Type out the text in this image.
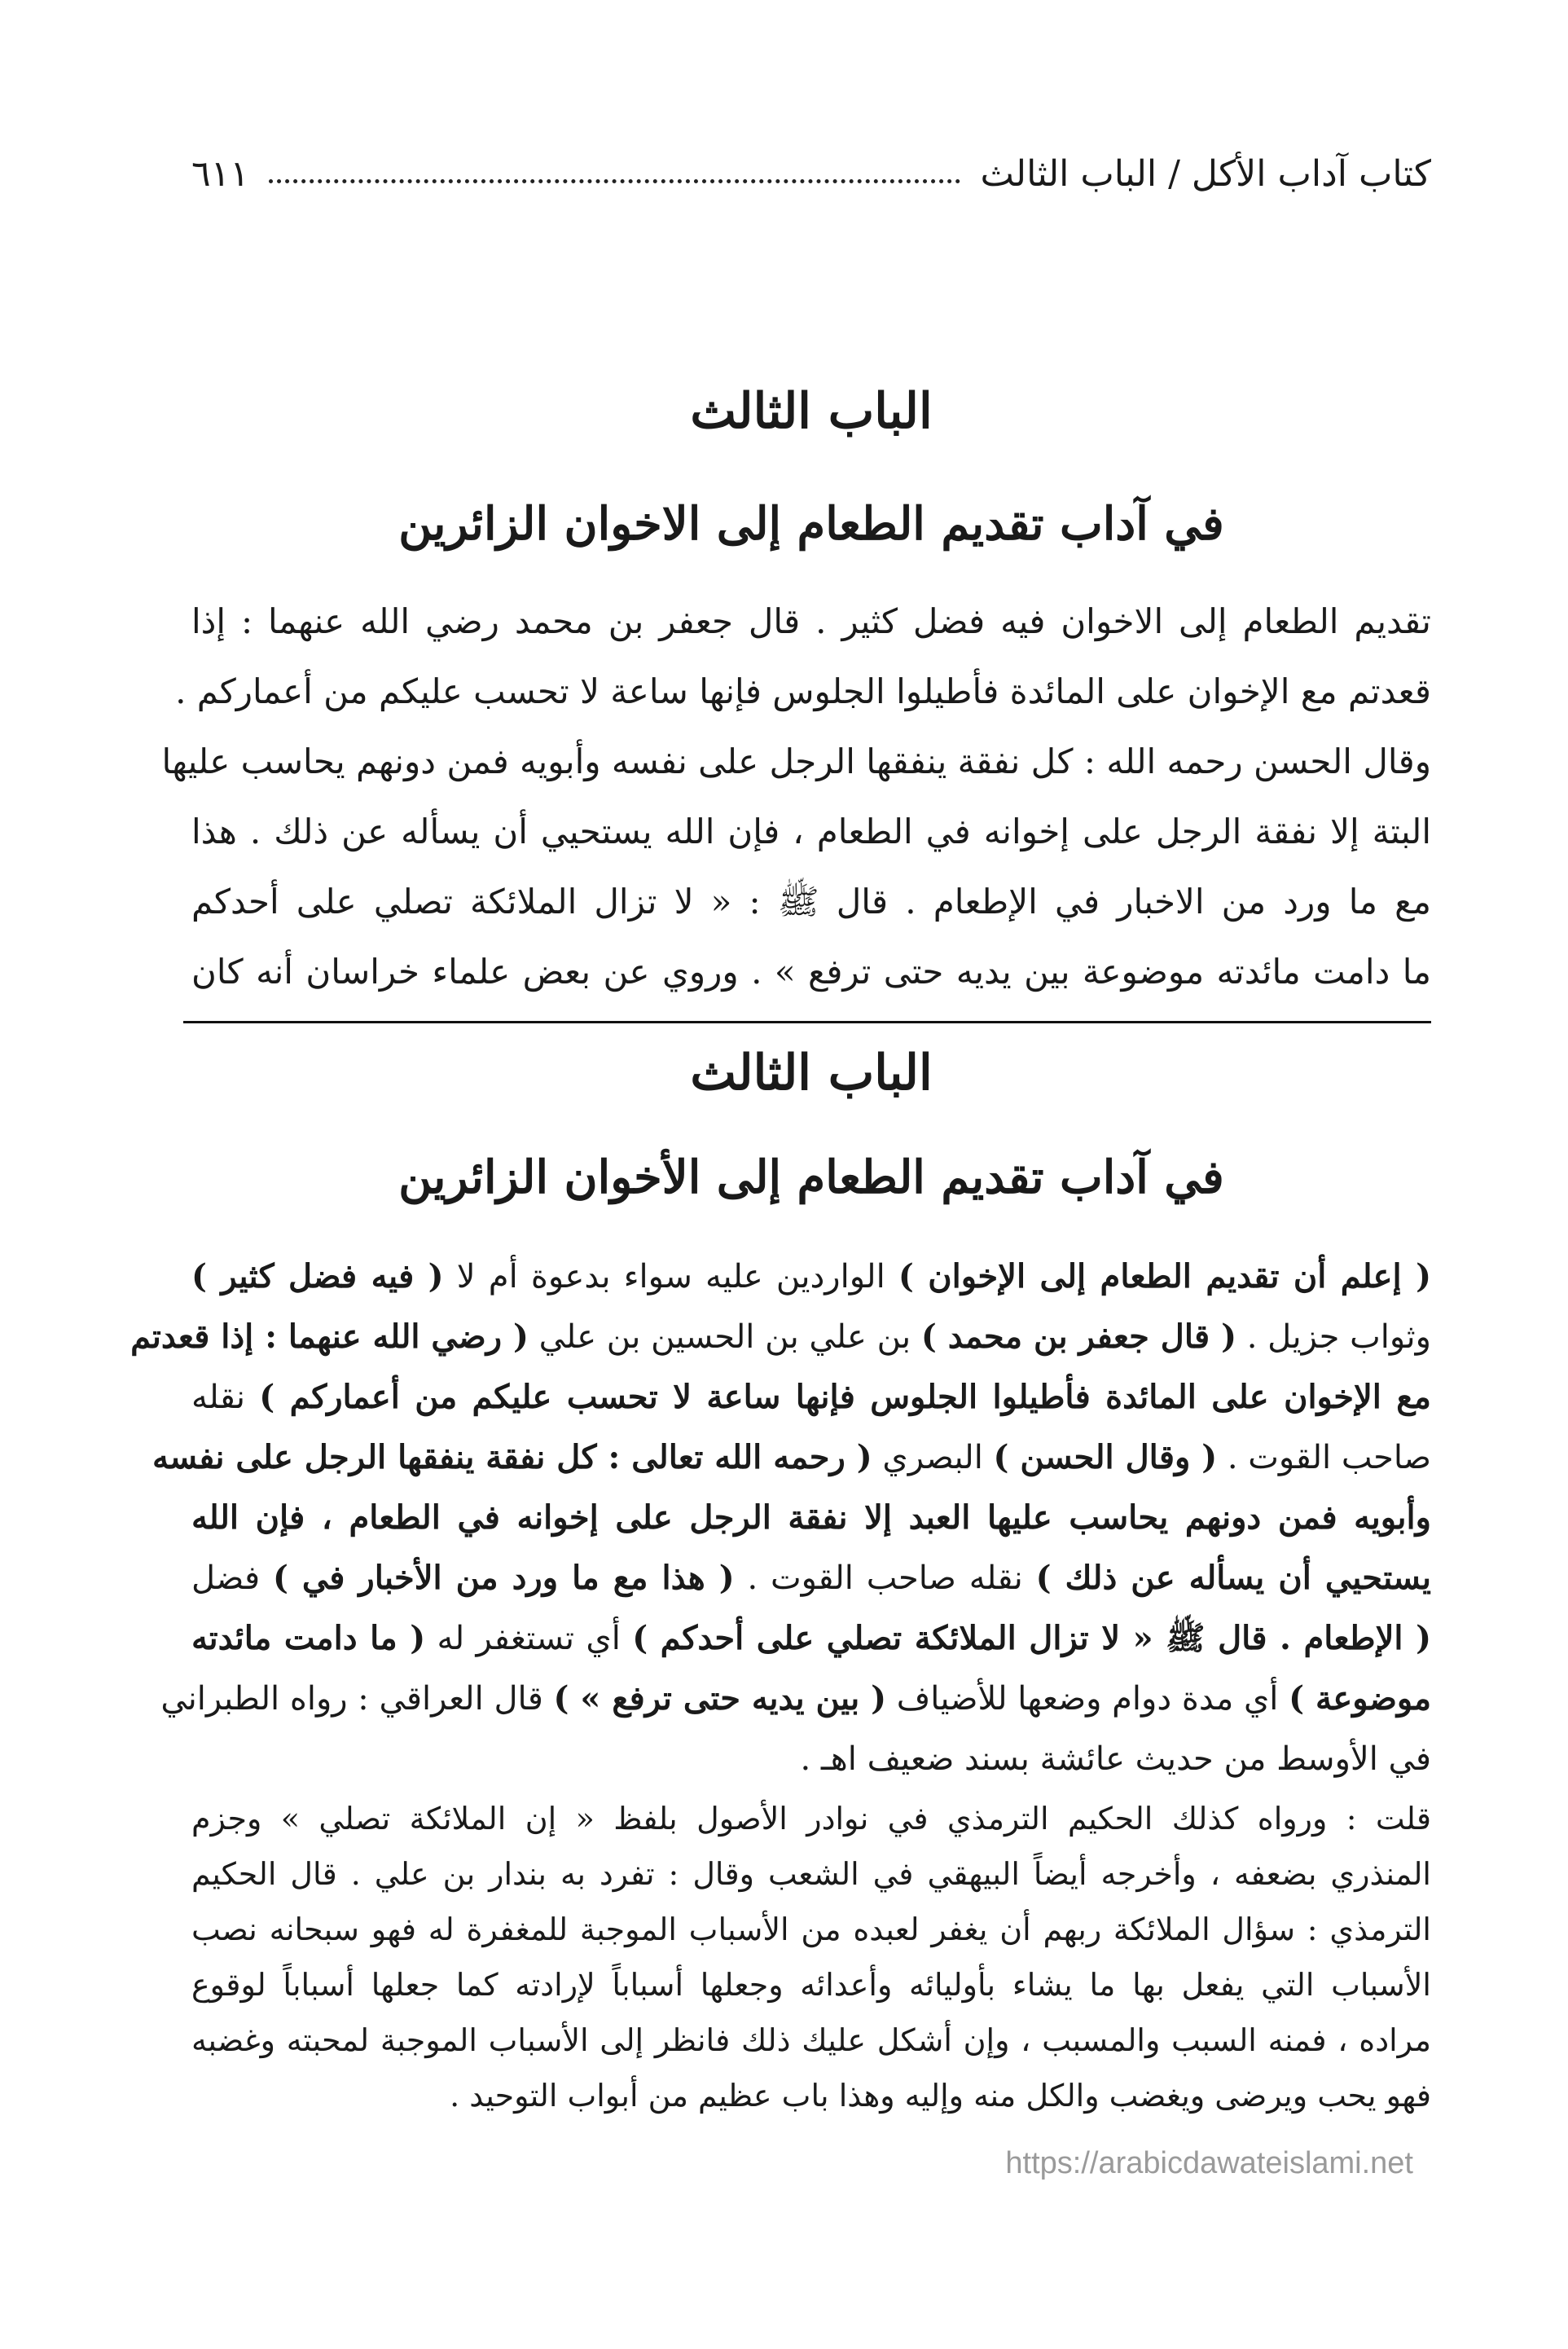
كتاب آداب الأكل / الباب الثالث
٦١١
الباب الثالث
في آداب تقديم الطعام إلى الاخوان الزائرين
تقديم الطعام إلى الاخوان فيه فضل كثير . قال جعفر بن محمد رضي الله عنهما : إذا
قعدتم مع الإخوان على المائدة فأطيلوا الجلوس فإنها ساعة لا تحسب عليكم من أعماركم .
وقال الحسن رحمه الله : كل نفقة ينفقها الرجل على نفسه وأبويه فمن دونهم يحاسب عليها
البتة إلا نفقة الرجل على إخوانه في الطعام ، فإن الله يستحيي أن يسأله عن ذلك . هذا
مع ما ورد من الاخبار في الإطعام . قال ﷺ : « لا تزال الملائكة تصلي على أحدكم
ما دامت مائدته موضوعة بين يديه حتى ترفع » . وروي عن بعض علماء خراسان أنه كان
الباب الثالث
في آداب تقديم الطعام إلى الأخوان الزائرين
( إعلم أن تقديم الطعام إلى الإخوان ) الواردين عليه سواء بدعوة أم لا ( فيه فضل كثير )
وثواب جزيل . ( قال جعفر بن محمد ) بن علي بن الحسين بن علي ( رضي الله عنهما : إذا قعدتم
مع الإخوان على المائدة فأطيلوا الجلوس فإنها ساعة لا تحسب عليكم من أعماركم ) نقله
صاحب القوت . ( وقال الحسن ) البصري ( رحمه الله تعالى : كل نفقة ينفقها الرجل على نفسه
وأبويه فمن دونهم يحاسب عليها العبد إلا نفقة الرجل على إخوانه في الطعام ، فإن الله
يستحيي أن يسأله عن ذلك ) نقله صاحب القوت . ( هذا مع ما ورد من الأخبار في ) فضل
( الإطعام . قال ﷺ « لا تزال الملائكة تصلي على أحدكم ) أي تستغفر له ( ما دامت مائدته
موضوعة ) أي مدة دوام وضعها للأضياف ( بين يديه حتى ترفع » ) قال العراقي : رواه الطبراني
في الأوسط من حديث عائشة بسند ضعيف اهـ .
قلت : ورواه كذلك الحكيم الترمذي في نوادر الأصول بلفظ « إن الملائكة تصلي » وجزم
المنذري بضعفه ، وأخرجه أيضاً البيهقي في الشعب وقال : تفرد به بندار بن علي . قال الحكيم
الترمذي : سؤال الملائكة ربهم أن يغفر لعبده من الأسباب الموجبة للمغفرة له فهو سبحانه نصب
الأسباب التي يفعل بها ما يشاء بأوليائه وأعدائه وجعلها أسباباً لإرادته كما جعلها أسباباً لوقوع
مراده ، فمنه السبب والمسبب ، وإن أشكل عليك ذلك فانظر إلى الأسباب الموجبة لمحبته وغضبه
فهو يحب ويرضى ويغضب والكل منه وإليه وهذا باب عظيم من أبواب التوحيد .
https://arabicdawateislami.net
